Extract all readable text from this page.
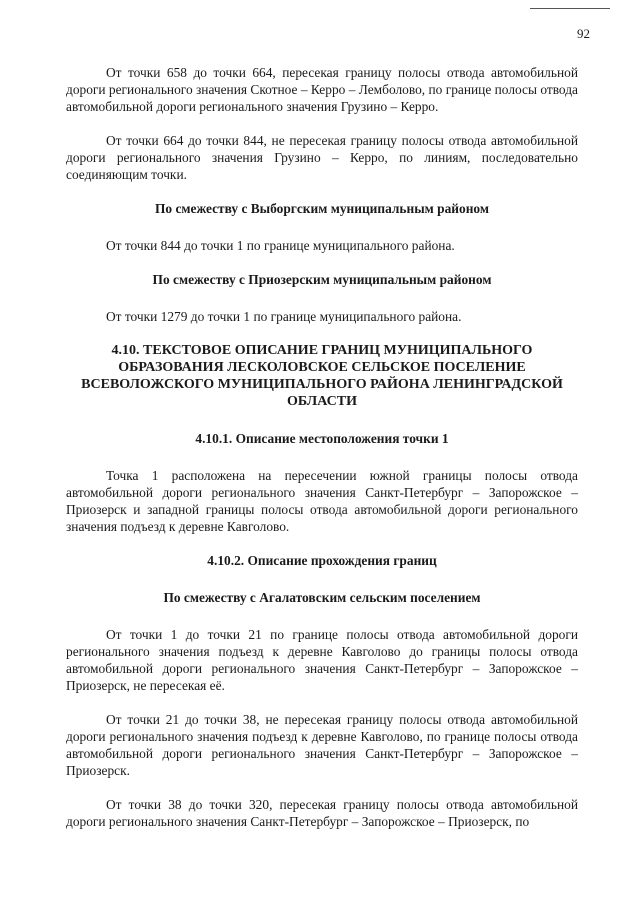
92

От точки 658 до точки 664, пересекая границу полосы отвода автомобильной дороги регионального значения Скотное – Керро – Лемболово, по границе полосы отвода автомобильной дороги регионального значения Грузино – Керро.

От точки 664 до точки 844, не пересекая границу полосы отвода автомобильной дороги регионального значения Грузино – Керро, по линиям, последовательно соединяющим точки.

По смежеству с Выборгским муниципальным районом

От точки 844 до точки 1 по границе муниципального района.

По смежеству с Приозерским муниципальным районом

От точки 1279 до точки 1 по границе муниципального района.

4.10. ТЕКСТОВОЕ ОПИСАНИЕ ГРАНИЦ МУНИЦИПАЛЬНОГО ОБРАЗОВАНИЯ ЛЕСКОЛОВСКОЕ СЕЛЬСКОЕ ПОСЕЛЕНИЕ ВСЕВОЛОЖСКОГО МУНИЦИПАЛЬНОГО РАЙОНА ЛЕНИНГРАДСКОЙ ОБЛАСТИ
4.10.1. Описание местоположения точки 1

Точка 1 расположена на пересечении южной границы полосы отвода автомобильной дороги регионального значения Санкт-Петербург – Запорожское – Приозерск и западной границы полосы отвода автомобильной дороги регионального значения подъезд к деревне Кавголово.

4.10.2. Описание прохождения границ
По смежеству с Агалатовским сельским поселением

От точки 1 до точки 21 по границе полосы отвода автомобильной дороги регионального значения подъезд к деревне Кавголово до границы полосы отвода автомобильной дороги регионального значения Санкт-Петербург – Запорожское – Приозерск, не пересекая её.

От точки 21 до точки 38, не пересекая границу полосы отвода автомобильной дороги регионального значения подъезд к деревне Кавголово, по границе полосы отвода автомобильной дороги регионального значения Санкт-Петербург – Запорожское – Приозерск.

От точки 38 до точки 320, пересекая границу полосы отвода автомобильной дороги регионального значения Санкт-Петербург – Запорожское – Приозерск, по
